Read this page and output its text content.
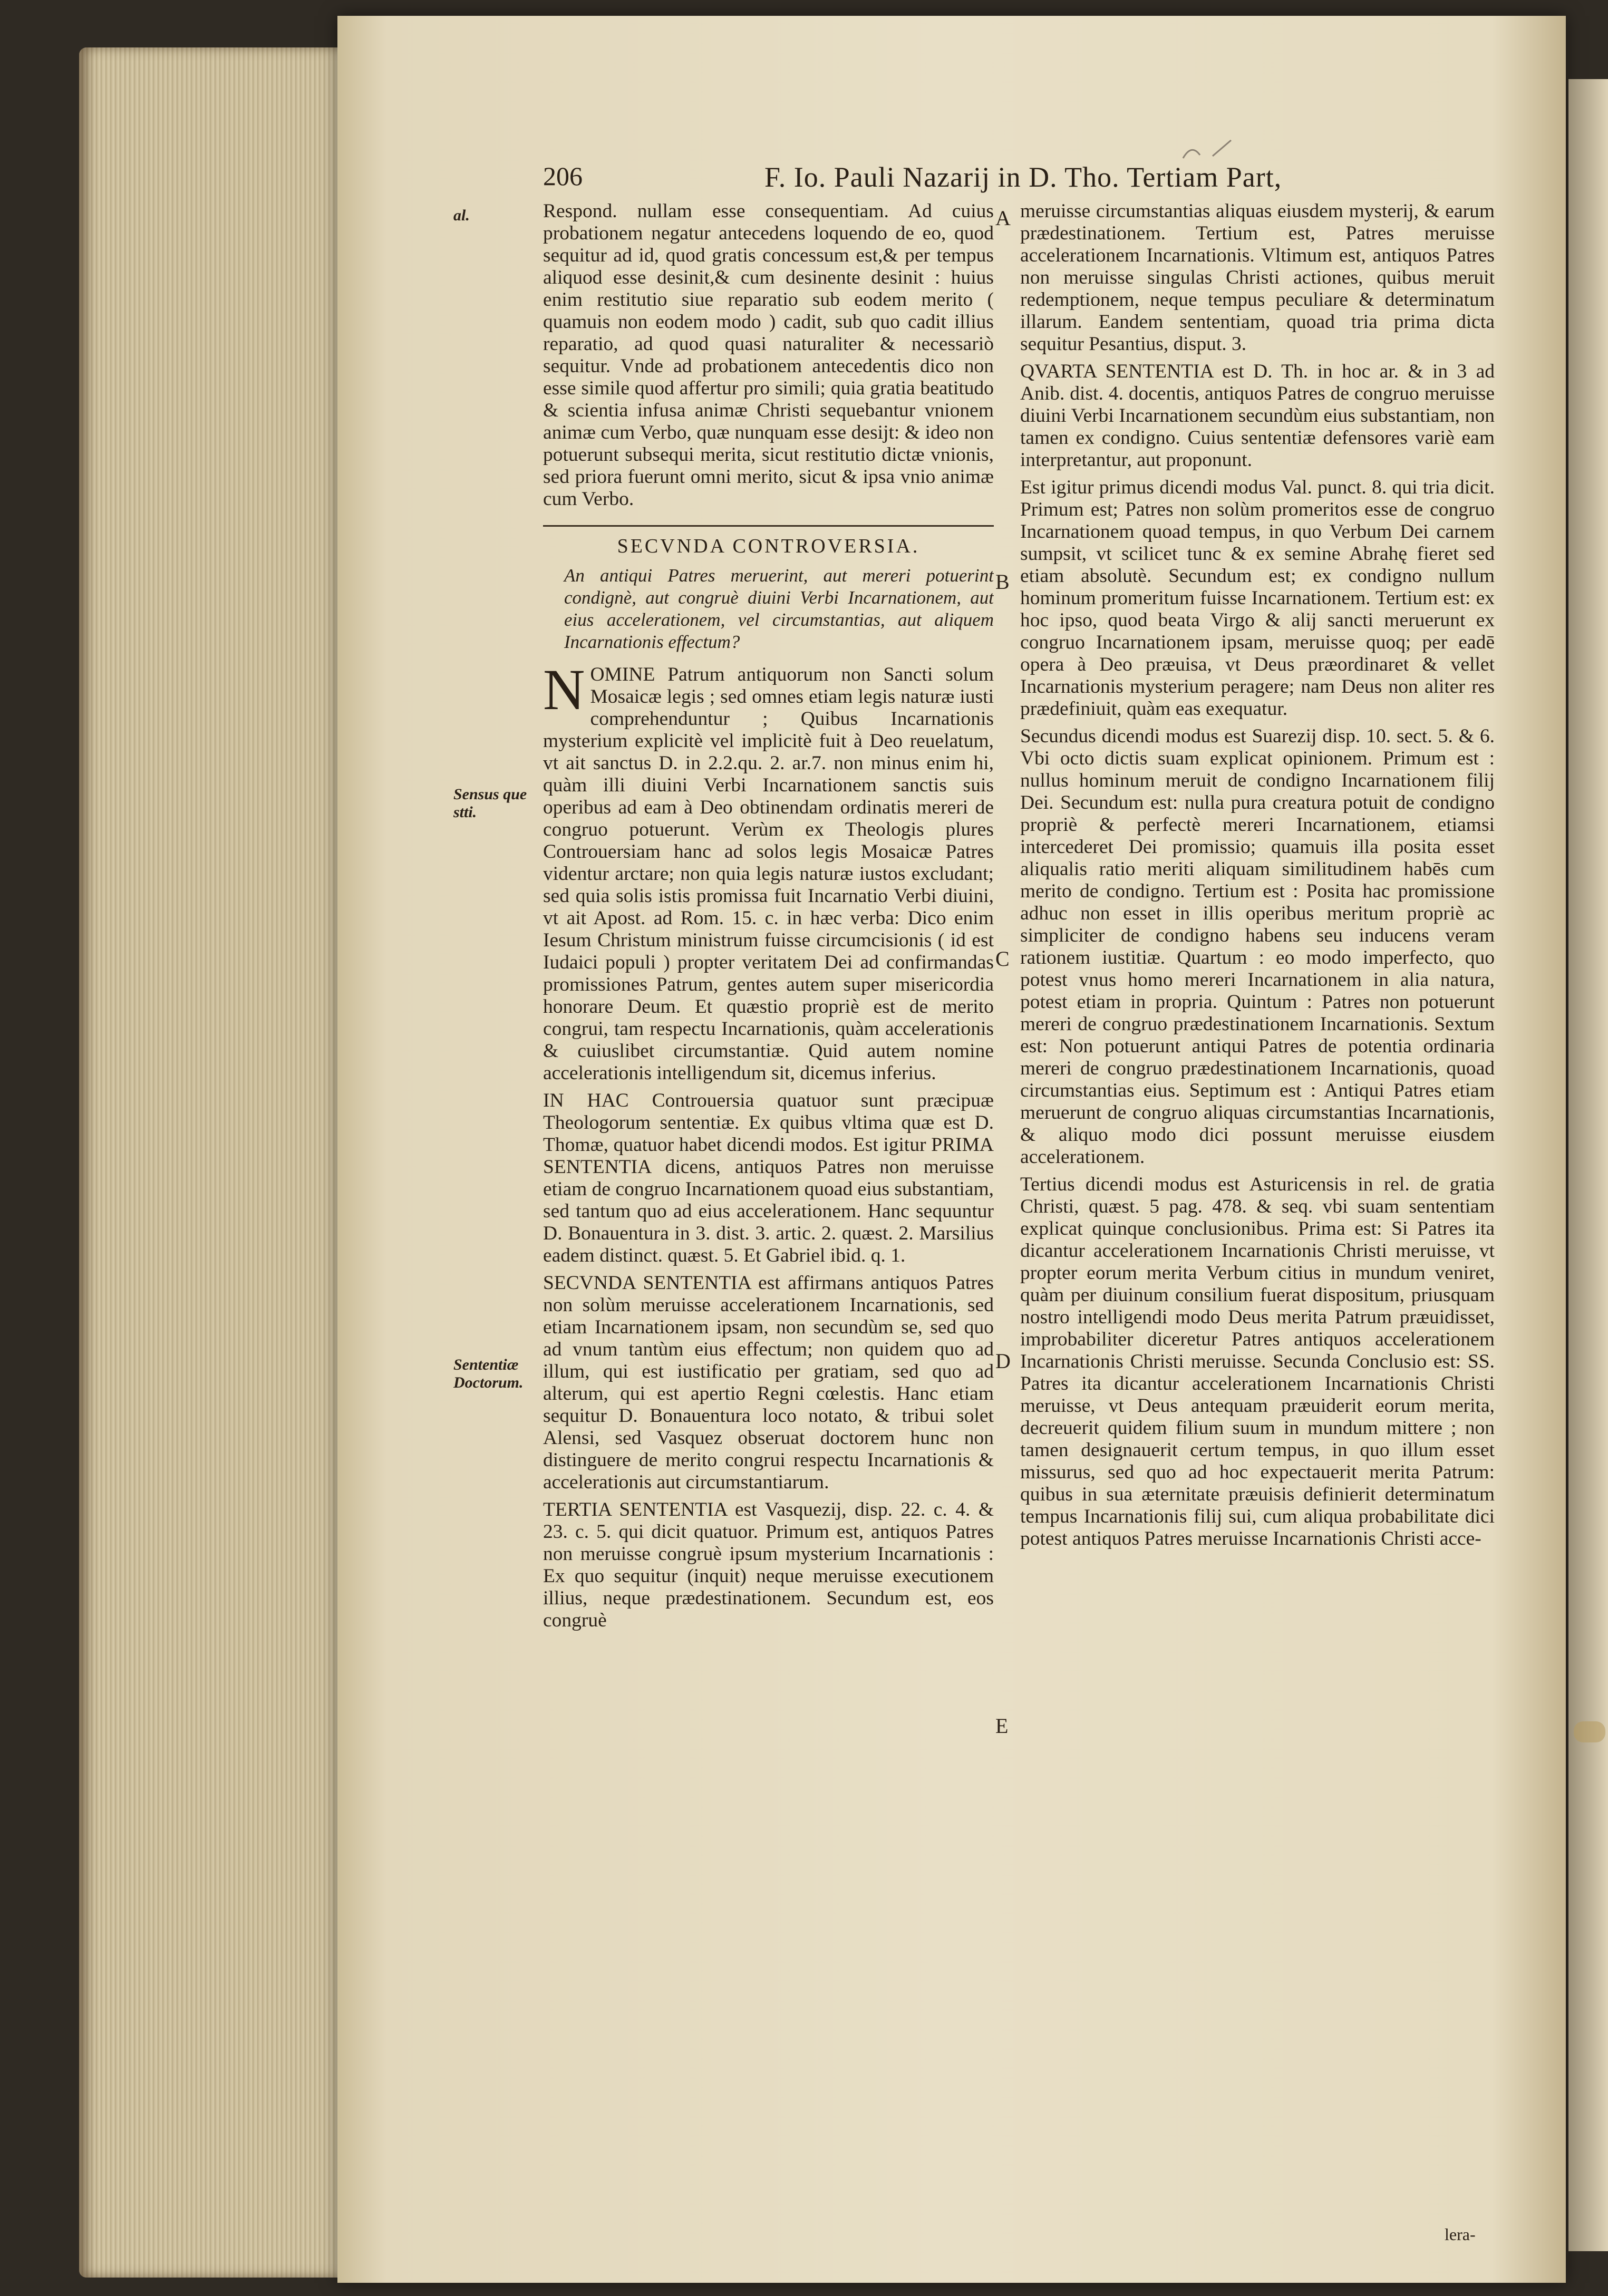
206	F. Io. Pauli Nazarij in D. Tho. Tertiam Part,
al.
Sensus que
stti.
Sententiæ
Doctorum.
A
B
C
D
E

Respond. nullam esse consequentiam. Ad cuius probationem negatur antecedens loquendo de eo, quod sequitur ad id, quod gratis concessum est,& per tempus aliquod esse desinit,& cum desinente desinit : huius enim restitutio siue reparatio sub eodem merito ( quamuis non eodem modo ) cadit, sub quo cadit illius reparatio, ad quod quasi naturaliter & necessariò sequitur. Vnde ad probationem antecedentis dico non esse simile quod affertur pro simili; quia gratia beatitudo & scientia infusa animæ Christi sequebantur vnionem animæ cum Verbo, quæ nunquam esse desijt: & ideo non potuerunt subsequi merita, sicut restitutio dictæ vnionis, sed priora fuerunt omni merito, sicut & ipsa vnio animæ cum Verbo.

SECVNDA CONTROVERSIA.

An antiqui Patres meruerint, aut mereri potuerint condignè, aut congruè diuini Verbi Incarnationem, aut eius accelerationem, vel circumstantias, aut aliquem Incarnationis effectum?

N OMINE Patrum antiquorum non Sancti solum Mosaicæ legis ; sed omnes etiam legis naturæ iusti comprehenduntur ; Quibus Incarnationis mysterium explicitè vel implicitè fuit à Deo reuelatum, vt ait sanctus D. in 2.2.qu. 2. ar.7. non minus enim hi, quàm illi diuini Verbi Incarnationem sanctis suis operibus ad eam à Deo obtinendam ordinatis mereri de congruo potuerunt. Verùm ex Theologis plures Controuersiam hanc ad solos legis Mosaicæ Patres videntur arctare; non quia legis naturæ iustos excludant; sed quia solis istis promissa fuit Incarnatio Verbi diuini, vt ait Apost. ad Rom. 15. c. in hæc verba: Dico enim Iesum Christum ministrum fuisse circumcisionis ( id est Iudaici populi ) propter veritatem Dei ad confirmandas promissiones Patrum, gentes autem super misericordia honorare Deum. Et quæstio propriè est de merito congrui, tam respectu Incarnationis, quàm accelerationis & cuiuslibet circumstantiæ. Quid autem nomine accelerationis intelligendum sit, dicemus inferius.

IN HAC Controuersia quatuor sunt præcipuæ Theologorum sententiæ. Ex quibus vltima quæ est D. Thomæ, quatuor habet dicendi modos. Est igitur PRIMA SENTENTIA dicens, antiquos Patres non meruisse etiam de congruo Incarnationem quoad eius substantiam, sed tantum quo ad eius accelerationem. Hanc sequuntur D. Bonauentura in 3. dist. 3. artic. 2. quæst. 2. Marsilius eadem distinct. quæst. 5. Et Gabriel ibid. q. 1.

SECVNDA SENTENTIA est affirmans antiquos Patres non solùm meruisse accelerationem Incarnationis, sed etiam Incarnationem ipsam, non secundùm se, sed quo ad vnum tantùm eius effectum; non quidem quo ad illum, qui est iustificatio per gratiam, sed quo ad alterum, qui est apertio Regni cœlestis. Hanc etiam sequitur D. Bonauentura loco notato, & tribui solet Alensi, sed Vasquez obseruat doctorem hunc non distinguere de merito congrui respectu Incarnationis & accelerationis aut circumstantiarum.

TERTIA SENTENTIA est Vasquezij, disp. 22. c. 4. & 23. c. 5. qui dicit quatuor. Primum est, antiquos Patres non meruisse congruè ipsum mysterium Incarnationis : Ex quo sequitur (inquit) neque meruisse executionem illius, neque prædestinationem. Secundum est, eos congruè

meruisse circumstantias aliquas eiusdem mysterij, & earum prædestinationem. Tertium est, Patres meruisse accelerationem Incarnationis. Vltimum est, antiquos Patres non meruisse singulas Christi actiones, quibus meruit redemptionem, neque tempus peculiare & determinatum illarum. Eandem sententiam, quoad tria prima dicta sequitur Pesantius, disput. 3.

QVARTA SENTENTIA est D. Th. in hoc ar. & in 3 ad Anib. dist. 4. docentis, antiquos Patres de congruo meruisse diuini Verbi Incarnationem secundùm eius substantiam, non tamen ex condigno. Cuius sententiæ defensores variè eam interpretantur, aut proponunt.

Est igitur primus dicendi modus Val. punct. 8. qui tria dicit. Primum est; Patres non solùm promeritos esse de congruo Incarnationem quoad tempus, in quo Verbum Dei carnem sumpsit, vt scilicet tunc & ex semine Abrahę fieret sed etiam absolutè. Secundum est; ex condigno nullum hominum promeritum fuisse Incarnationem. Tertium est: ex hoc ipso, quod beata Virgo & alij sancti meruerunt ex congruo Incarnationem ipsam, meruisse quoq; per eadē opera à Deo præuisa, vt Deus præordinaret & vellet Incarnationis mysterium peragere; nam Deus non aliter res prædefiniuit, quàm eas exequatur.

Secundus dicendi modus est Suarezij disp. 10. sect. 5. & 6. Vbi octo dictis suam explicat opinionem. Primum est : nullus hominum meruit de condigno Incarnationem filij Dei. Secundum est: nulla pura creatura potuit de condigno propriè & perfectè mereri Incarnationem, etiamsi intercederet Dei promissio; quamuis illa posita esset aliqualis ratio meriti aliquam similitudinem habēs cum merito de condigno. Tertium est : Posita hac promissione adhuc non esset in illis operibus meritum propriè ac simpliciter de condigno habens seu inducens veram rationem iustitiæ. Quartum : eo modo imperfecto, quo potest vnus homo mereri Incarnationem in alia natura, potest etiam in propria. Quintum : Patres non potuerunt mereri de congruo prædestinationem Incarnationis. Sextum est: Non potuerunt antiqui Patres de potentia ordinaria mereri de congruo prædestinationem Incarnationis, quoad circumstantias eius. Septimum est : Antiqui Patres etiam meruerunt de congruo aliquas circumstantias Incarnationis, & aliquo modo dici possunt meruisse eiusdem accelerationem.

Tertius dicendi modus est Asturicensis in rel. de gratia Christi, quæst. 5 pag. 478. & seq. vbi suam sententiam explicat quinque conclusionibus. Prima est: Si Patres ita dicantur accelerationem Incarnationis Christi meruisse, vt propter eorum merita Verbum citius in mundum veniret, quàm per diuinum consilium fuerat dispositum, priusquam nostro intelligendi modo Deus merita Patrum præuidisset, improbabiliter diceretur Patres antiquos accelerationem Incarnationis Christi meruisse. Secunda Conclusio est: SS. Patres ita dicantur accelerationem Incarnationis Christi meruisse, vt Deus antequam præuiderit eorum merita, decreuerit quidem filium suum in mundum mittere ; non tamen designauerit certum tempus, in quo illum esset missurus, sed quo ad hoc expectauerit merita Patrum: quibus in sua æternitate præuisis definierit determinatum tempus Incarnationis filij sui, cum aliqua probabilitate dici potest antiquos Patres meruisse Incarnationis Christi acce-

lera-
